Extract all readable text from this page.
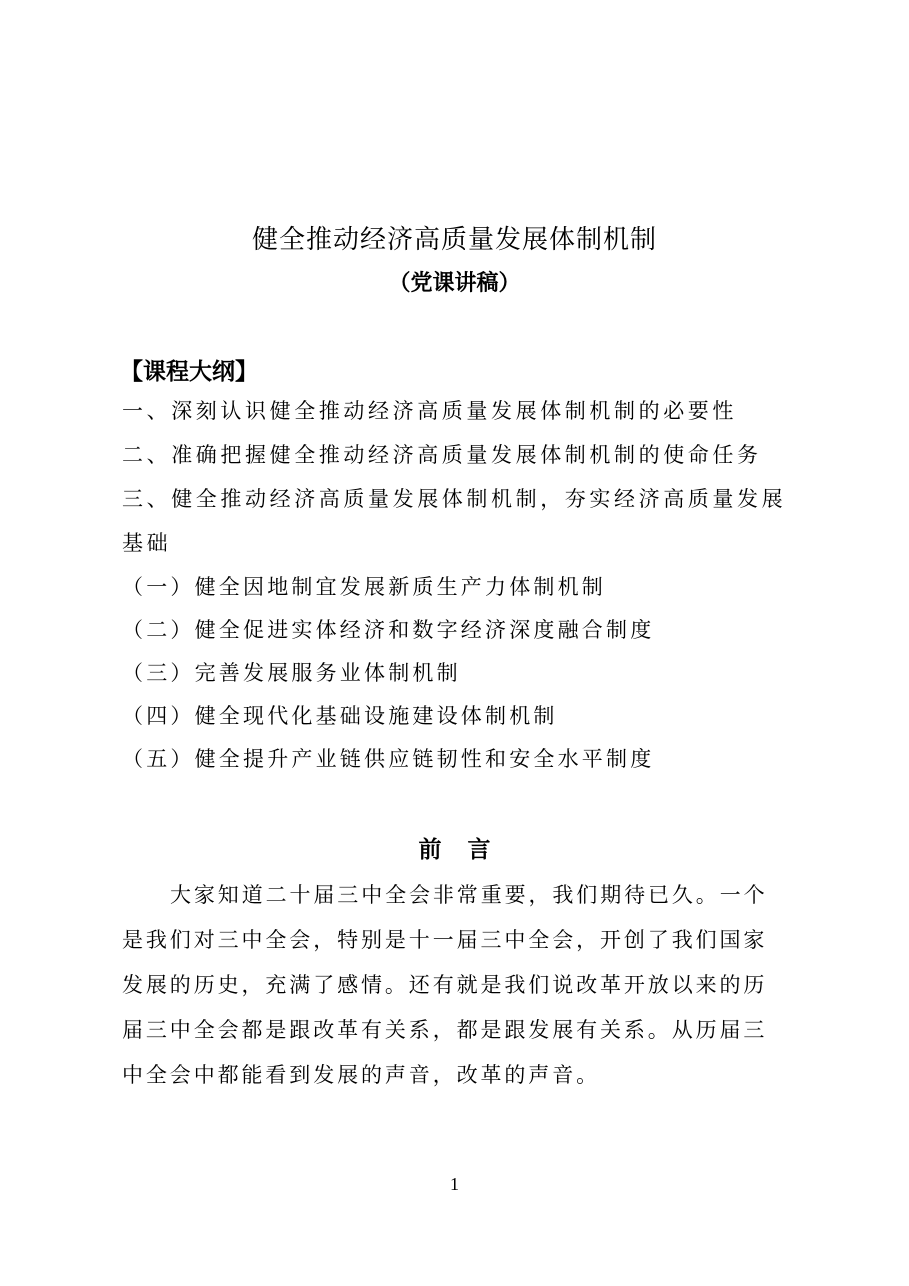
健全推动经济高质量发展体制机制
（党课讲稿）
【课程大纲】
一、深刻认识健全推动经济高质量发展体制机制的必要性
二、准确把握健全推动经济高质量发展体制机制的使命任务
三、健全推动经济高质量发展体制机制，夯实经济高质量发展
基础
（一）健全因地制宜发展新质生产力体制机制
（二）健全促进实体经济和数字经济深度融合制度
（三）完善发展服务业体制机制
（四）健全现代化基础设施建设体制机制
（五）健全提升产业链供应链韧性和安全水平制度
前言

大家知道二十届三中全会非常重要，我们期待已久。一个
是我们对三中全会，特别是十一届三中全会，开创了我们国家
发展的历史，充满了感情。还有就是我们说改革开放以来的历
届三中全会都是跟改革有关系，都是跟发展有关系。从历届三
中全会中都能看到发展的声音，改革的声音。

1
